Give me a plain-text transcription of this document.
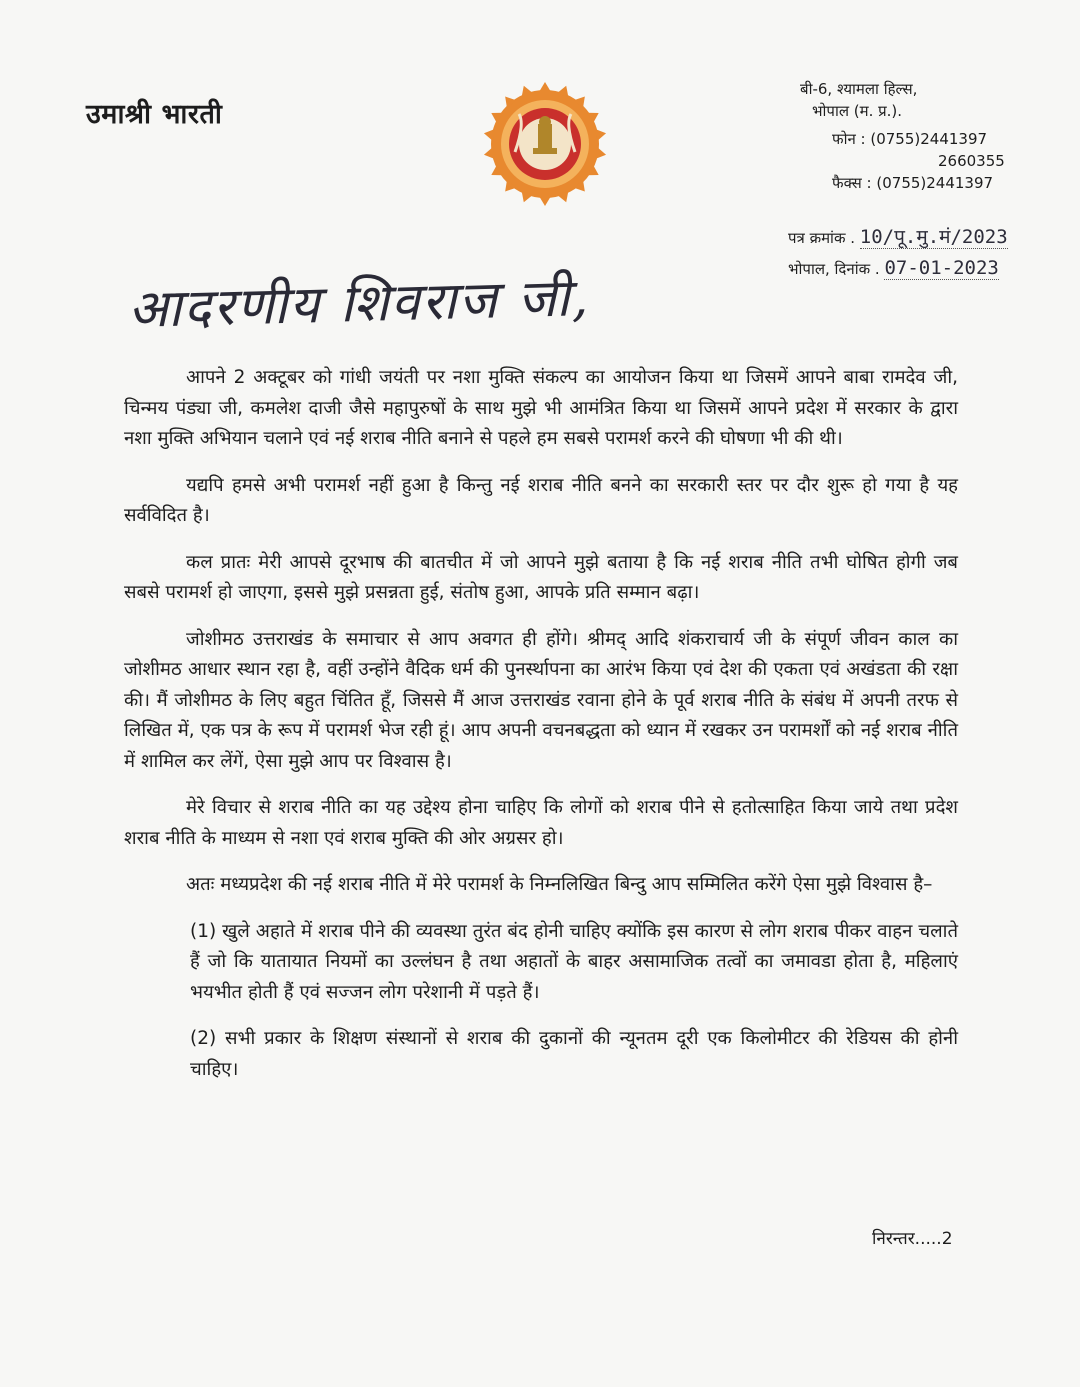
उमाश्री भारती
बी-6, श्यामला हिल्स,
भोपाल (म. प्र.).
फोन : (0755)2441397
2660355
फैक्स : (0755)2441397
पत्र क्रमांक . 10/पू.मु.मं/2023
भोपाल, दिनांक . 07-01-2023
आदरणीय शिवराज जी,

आपने 2 अक्टूबर को गांधी जयंती पर नशा मुक्ति संकल्प का आयोजन किया था जिसमें आपने बाबा रामदेव जी, चिन्मय पंड्या जी, कमलेश दाजी जैसे महापुरुषों के साथ मुझे भी आमंत्रित किया था जिसमें आपने प्रदेश में सरकार के द्वारा नशा मुक्ति अभियान चलाने एवं नई शराब नीति बनाने से पहले हम सबसे परामर्श करने की घोषणा भी की थी।

यद्यपि हमसे अभी परामर्श नहीं हुआ है किन्तु नई शराब नीति बनने का सरकारी स्तर पर दौर शुरू हो गया है यह सर्वविदित है।

कल प्रातः मेरी आपसे दूरभाष की बातचीत में जो आपने मुझे बताया है कि नई शराब नीति तभी घोषित होगी जब सबसे परामर्श हो जाएगा, इससे मुझे प्रसन्नता हुई, संतोष हुआ, आपके प्रति सम्मान बढ़ा।

जोशीमठ उत्तराखंड के समाचार से आप अवगत ही होंगे। श्रीमद् आदि शंकराचार्य जी के संपूर्ण जीवन काल का जोशीमठ आधार स्थान रहा है, वहीं उन्होंने वैदिक धर्म की पुनर्स्थापना का आरंभ किया एवं देश की एकता एवं अखंडता की रक्षा की। मैं जोशीमठ के लिए बहुत चिंतित हूँ, जिससे मैं आज उत्तराखंड रवाना होने के पूर्व शराब नीति के संबंध में अपनी तरफ से लिखित में, एक पत्र के रूप में परामर्श भेज रही हूं। आप अपनी वचनबद्धता को ध्यान में रखकर उन परामर्शों को नई शराब नीति में शामिल कर लेंगें, ऐसा मुझे आप पर विश्वास है।

मेरे विचार से शराब नीति का यह उद्देश्य होना चाहिए कि लोगों को शराब पीने से हतोत्साहित किया जाये तथा प्रदेश शराब नीति के माध्यम से नशा एवं शराब मुक्ति की ओर अग्रसर हो।

अतः मध्यप्रदेश की नई शराब नीति में मेरे परामर्श के निम्नलिखित बिन्दु आप सम्मिलित करेंगे ऐसा मुझे विश्वास है–

(1) खुले अहाते में शराब पीने की व्यवस्था तुरंत बंद होनी चाहिए क्योंकि इस कारण से लोग शराब पीकर वाहन चलाते हैं जो कि यातायात नियमों का उल्लंघन है तथा अहातों के बाहर असामाजिक तत्वों का जमावडा होता है, महिलाएं भयभीत होती हैं एवं सज्जन लोग परेशानी में पड़ते हैं।

(2) सभी प्रकार के शिक्षण संस्थानों से शराब की दुकानों की न्यूनतम दूरी एक किलोमीटर की रेडियस की होनी चाहिए।

निरन्तर.....2
